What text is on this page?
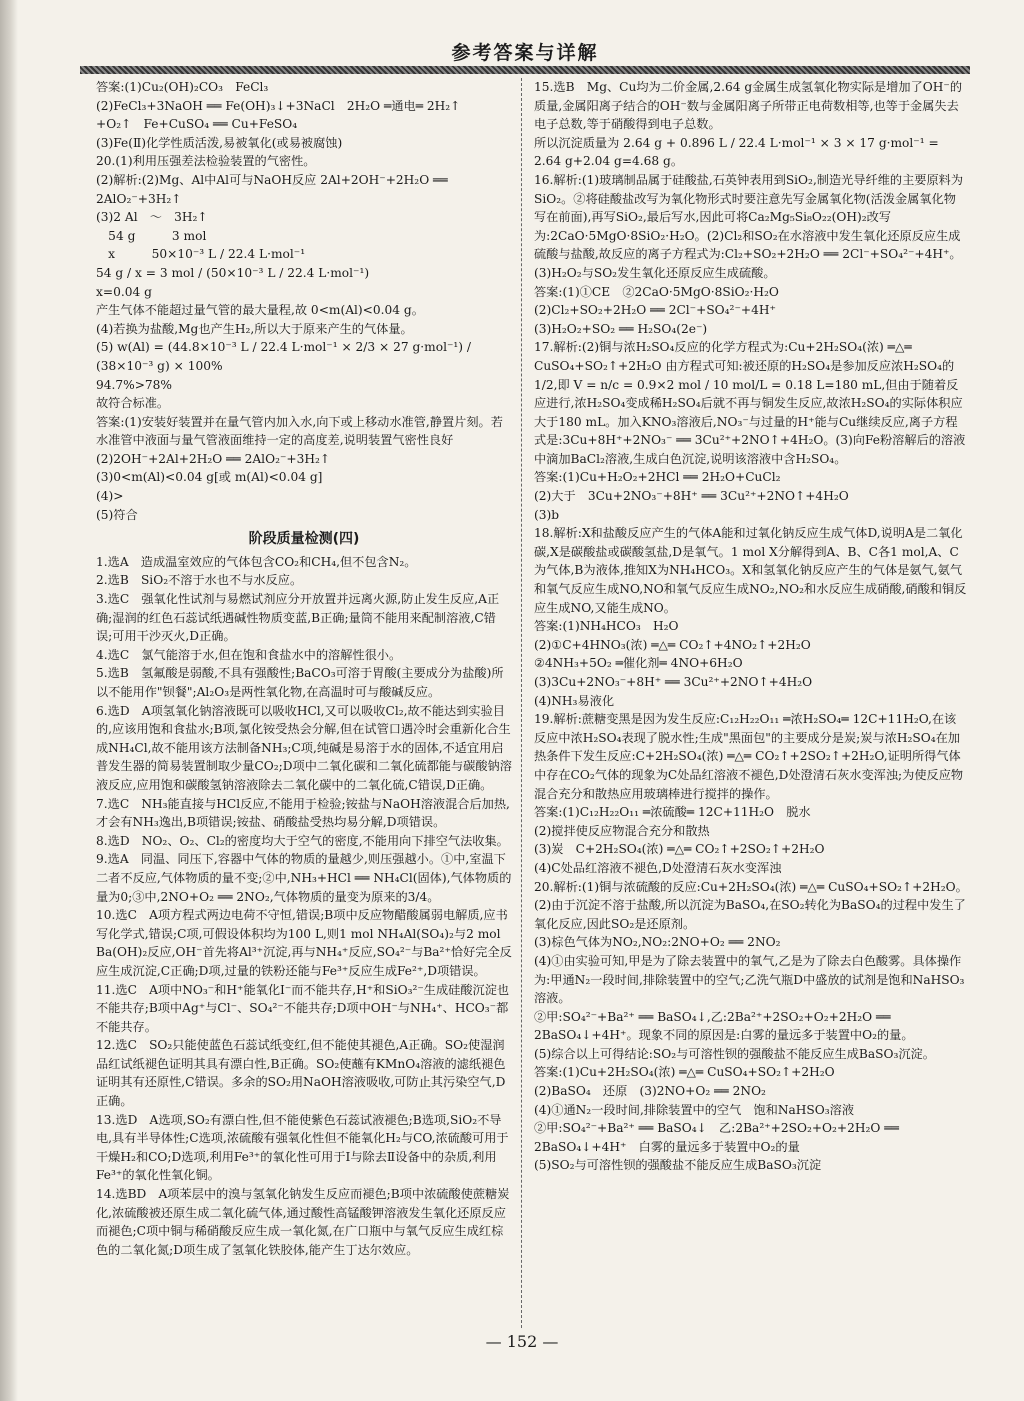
参考答案与详解

答案:(1)Cu₂(OH)₂CO₃　FeCl₃

(2)FeCl₃+3NaOH ══ Fe(OH)₃↓+3NaCl　2H₂O ═通电═ 2H₂↑

+O₂↑　Fe+CuSO₄ ══ Cu+FeSO₄

(3)Fe(Ⅱ)化学性质活泼,易被氧化(或易被腐蚀)

20.(1)利用压强差法检验装置的气密性。

(2)解析:(2)Mg、Al中Al可与NaOH反应 2Al+2OH⁻+2H₂O ══

2AlO₂⁻+3H₂↑

(3)2 Al　～　3H₂↑

　54 g　　　3 mol

　x　　　50×10⁻³ L / 22.4 L·mol⁻¹

54 g / x = 3 mol / (50×10⁻³ L / 22.4 L·mol⁻¹)

x=0.04 g

产生气体不能超过量气管的最大量程,故 0<m(Al)<0.04 g。

(4)若换为盐酸,Mg也产生H₂,所以大于原来产生的气体量。

(5) w(Al) = (44.8×10⁻³ L / 22.4 L·mol⁻¹ × 2/3 × 27 g·mol⁻¹) / (38×10⁻³ g) × 100%

94.7%>78%

故符合标准。

答案:(1)安装好装置并在量气管内加入水,向下或上移动水准管,静置片刻。若水准管中液面与量气管液面维持一定的高度差,说明装置气密性良好

(2)2OH⁻+2Al+2H₂O ══ 2AlO₂⁻+3H₂↑

(3)0<m(Al)<0.04 g[或 m(Al)<0.04 g]

(4)>

(5)符合

阶段质量检测(四)

1.选A　造成温室效应的气体包含CO₂和CH₄,但不包含N₂。

2.选B　SiO₂不溶于水也不与水反应。

3.选C　强氧化性试剂与易燃试剂应分开放置并远离火源,防止发生反应,A正确;湿润的红色石蕊试纸遇碱性物质变蓝,B正确;量筒不能用来配制溶液,C错误;可用干沙灭火,D正确。

4.选C　氯气能溶于水,但在饱和食盐水中的溶解性很小。

5.选B　氢氟酸是弱酸,不具有强酸性;BaCO₃可溶于胃酸(主要成分为盐酸)所以不能用作"钡餐";Al₂O₃是两性氧化物,在高温时可与酸碱反应。

6.选D　A项氢氧化钠溶液既可以吸收HCl,又可以吸收Cl₂,故不能达到实验目的,应该用饱和食盐水;B项,氯化铵受热会分解,但在试管口遇冷时会重新化合生成NH₄Cl,故不能用该方法制备NH₃;C项,纯碱是易溶于水的固体,不适宜用启普发生器的简易装置制取少量CO₂;D项中二氧化碳和二氧化硫都能与碳酸钠溶液反应,应用饱和碳酸氢钠溶液除去二氧化碳中的二氧化硫,C错误,D正确。

7.选C　NH₃能直接与HCl反应,不能用于检验;铵盐与NaOH溶液混合后加热,才会有NH₃逸出,B项错误;铵盐、硝酸盐受热均易分解,D项错误。

8.选D　NO₂、O₂、Cl₂的密度均大于空气的密度,不能用向下排空气法收集。

9.选A　同温、同压下,容器中气体的物质的量越少,则压强越小。①中,室温下二者不反应,气体物质的量不变;②中,NH₃+HCl ══ NH₄Cl(固体),气体物质的量为0;③中,2NO+O₂ ══ 2NO₂,气体物质的量变为原来的3/4。

10.选C　A项方程式两边电荷不守恒,错误;B项中反应物醋酸属弱电解质,应书写化学式,错误;C项,可假设体积均为100 L,则1 mol NH₄Al(SO₄)₂与2 mol Ba(OH)₂反应,OH⁻首先将Al³⁺沉淀,再与NH₄⁺反应,SO₄²⁻与Ba²⁺恰好完全反应生成沉淀,C正确;D项,过量的铁粉还能与Fe³⁺反应生成Fe²⁺,D项错误。

11.选C　A项中NO₃⁻和H⁺能氧化I⁻而不能共存,H⁺和SiO₃²⁻生成硅酸沉淀也不能共存;B项中Ag⁺与Cl⁻、SO₄²⁻不能共存;D项中OH⁻与NH₄⁺、HCO₃⁻都不能共存。

12.选C　SO₂只能使蓝色石蕊试纸变红,但不能使其褪色,A正确。SO₂使湿润品红试纸褪色证明其具有漂白性,B正确。SO₂使蘸有KMnO₄溶液的滤纸褪色证明其有还原性,C错误。多余的SO₂用NaOH溶液吸收,可防止其污染空气,D正确。

13.选D　A选项,SO₂有漂白性,但不能使紫色石蕊试液褪色;B选项,SiO₂不导电,具有半导体性;C选项,浓硫酸有强氧化性但不能氧化H₂与CO,浓硫酸可用于干燥H₂和CO;D选项,利用Fe³⁺的氧化性可用于Ⅰ与除去Ⅱ设备中的杂质,利用Fe³⁺的氧化性氧化铜。

14.选BD　A项苯层中的溴与氢氧化钠发生反应而褪色;B项中浓硫酸使蔗糖炭化,浓硫酸被还原生成二氧化硫气体,通过酸性高锰酸钾溶液发生氧化还原反应而褪色;C项中铜与稀硝酸反应生成一氧化氮,在广口瓶中与氧气反应生成红棕色的二氧化氮;D项生成了氢氧化铁胶体,能产生丁达尔效应。

15.选B　Mg、Cu均为二价金属,2.64 g金属生成氢氧化物实际是增加了OH⁻的质量,金属阳离子结合的OH⁻数与金属阳离子所带正电荷数相等,也等于金属失去电子总数,等于硝酸得到电子总数。

所以沉淀质量为 2.64 g + 0.896 L / 22.4 L·mol⁻¹ × 3 × 17 g·mol⁻¹ =

2.64 g+2.04 g=4.68 g。

16.解析:(1)玻璃制品属于硅酸盐,石英钟表用到SiO₂,制造光导纤维的主要原料为SiO₂。②将硅酸盐改写为氧化物形式时要注意先写金属氧化物(活泼金属氧化物写在前面),再写SiO₂,最后写水,因此可将Ca₂Mg₅Si₈O₂₂(OH)₂改写为:2CaO·5MgO·8SiO₂·H₂O。(2)Cl₂和SO₂在水溶液中发生氧化还原反应生成硫酸与盐酸,故反应的离子方程式为:Cl₂+SO₂+2H₂O ══ 2Cl⁻+SO₄²⁻+4H⁺。(3)H₂O₂与SO₂发生氧化还原反应生成硫酸。

答案:(1)①CE　②2CaO·5MgO·8SiO₂·H₂O

(2)Cl₂+SO₂+2H₂O ══ 2Cl⁻+SO₄²⁻+4H⁺

(3)H₂O₂+SO₂ ══ H₂SO₄(2e⁻)

17.解析:(2)铜与浓H₂SO₄反应的化学方程式为:Cu+2H₂SO₄(浓) ═△═ CuSO₄+SO₂↑+2H₂O 由方程式可知:被还原的H₂SO₄是参加反应浓H₂SO₄的1/2,即 V = n/c = 0.9×2 mol / 10 mol/L = 0.18 L=180 mL,但由于随着反应进行,浓H₂SO₄变成稀H₂SO₄后就不再与铜发生反应,故浓H₂SO₄的实际体积应大于180 mL。加入KNO₃溶液后,NO₃⁻与过量的H⁺能与Cu继续反应,离子方程式是:3Cu+8H⁺+2NO₃⁻ ══ 3Cu²⁺+2NO↑+4H₂O。(3)向Fe粉溶解后的溶液中滴加BaCl₂溶液,生成白色沉淀,说明该溶液中含H₂SO₄。

答案:(1)Cu+H₂O₂+2HCl ══ 2H₂O+CuCl₂

(2)大于　3Cu+2NO₃⁻+8H⁺ ══ 3Cu²⁺+2NO↑+4H₂O

(3)b

18.解析:X和盐酸反应产生的气体A能和过氧化钠反应生成气体D,说明A是二氧化碳,X是碳酸盐或碳酸氢盐,D是氧气。1 mol X分解得到A、B、C各1 mol,A、C为气体,B为液体,推知X为NH₄HCO₃。X和氢氧化钠反应产生的气体是氨气,氨气和氧气反应生成NO,NO和氧气反应生成NO₂,NO₂和水反应生成硝酸,硝酸和铜反应生成NO,又能生成NO。

答案:(1)NH₄HCO₃　H₂O

(2)①C+4HNO₃(浓) ═△═ CO₂↑+4NO₂↑+2H₂O

②4NH₃+5O₂ ═催化剂═ 4NO+6H₂O

(3)3Cu+2NO₃⁻+8H⁺ ══ 3Cu²⁺+2NO↑+4H₂O

(4)NH₃易液化

19.解析:蔗糖变黑是因为发生反应:C₁₂H₂₂O₁₁ ═浓H₂SO₄═ 12C+11H₂O,在该反应中浓H₂SO₄表现了脱水性;生成"黑面包"的主要成分是炭;炭与浓H₂SO₄在加热条件下发生反应:C+2H₂SO₄(浓) ═△═ CO₂↑+2SO₂↑+2H₂O,证明所得气体中存在CO₂气体的现象为C处品红溶液不褪色,D处澄清石灰水变浑浊;为使反应物混合充分和散热应用玻璃棒进行搅拌的操作。

答案:(1)C₁₂H₂₂O₁₁ ═浓硫酸═ 12C+11H₂O　脱水

(2)搅拌使反应物混合充分和散热

(3)炭　C+2H₂SO₄(浓) ═△═ CO₂↑+2SO₂↑+2H₂O

(4)C处品红溶液不褪色,D处澄清石灰水变浑浊

20.解析:(1)铜与浓硫酸的反应:Cu+2H₂SO₄(浓) ═△═ CuSO₄+SO₂↑+2H₂O。

(2)由于沉淀不溶于盐酸,所以沉淀为BaSO₄,在SO₂转化为BaSO₄的过程中发生了氧化反应,因此SO₂是还原剂。

(3)棕色气体为NO₂,NO₂:2NO+O₂ ══ 2NO₂

(4)①由实验可知,甲是为了除去装置中的氧气,乙是为了除去白色酸雾。具体操作为:甲通N₂一段时间,排除装置中的空气;乙洗气瓶D中盛放的试剂是饱和NaHSO₃溶液。

②甲:SO₄²⁻+Ba²⁺ ══ BaSO₄↓,乙:2Ba²⁺+2SO₂+O₂+2H₂O ══ 2BaSO₄↓+4H⁺。现象不同的原因是:白雾的量远多于装置中O₂的量。

(5)综合以上可得结论:SO₂与可溶性钡的强酸盐不能反应生成BaSO₃沉淀。

答案:(1)Cu+2H₂SO₄(浓) ═△═ CuSO₄+SO₂↑+2H₂O

(2)BaSO₄　还原　(3)2NO+O₂ ══ 2NO₂

(4)①通N₂一段时间,排除装置中的空气　饱和NaHSO₃溶液

②甲:SO₄²⁻+Ba²⁺ ══ BaSO₄↓　乙:2Ba²⁺+2SO₂+O₂+2H₂O ══ 2BaSO₄↓+4H⁺　白雾的量远多于装置中O₂的量

(5)SO₂与可溶性钡的强酸盐不能反应生成BaSO₃沉淀

— 152 —
